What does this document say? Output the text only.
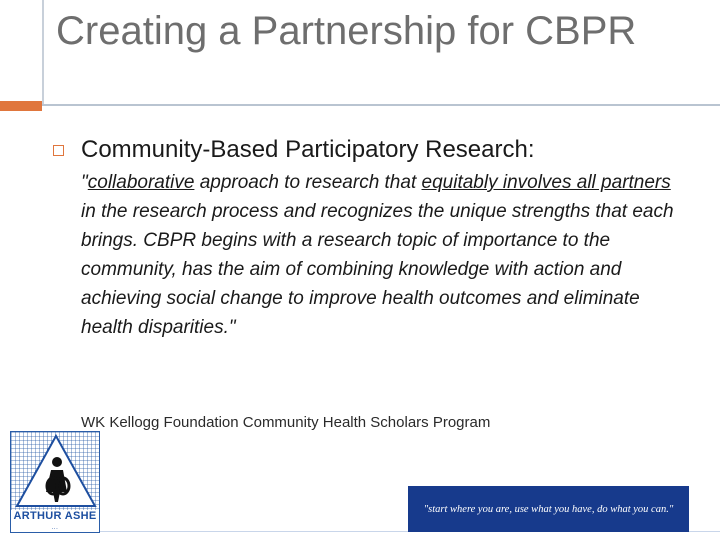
Creating a Partnership for CBPR
Community-Based Participatory Research:
"collaborative approach to research that equitably involves all partners in the research process and recognizes the unique strengths that each brings. CBPR begins with a research topic of importance to the community, has the aim of combining knowledge with action and achieving social change to improve health outcomes and eliminate health disparities."
WK Kellogg Foundation Community Health Scholars Program
ARTHUR ASHE
...
"start where you are, use what you have, do what you can."
